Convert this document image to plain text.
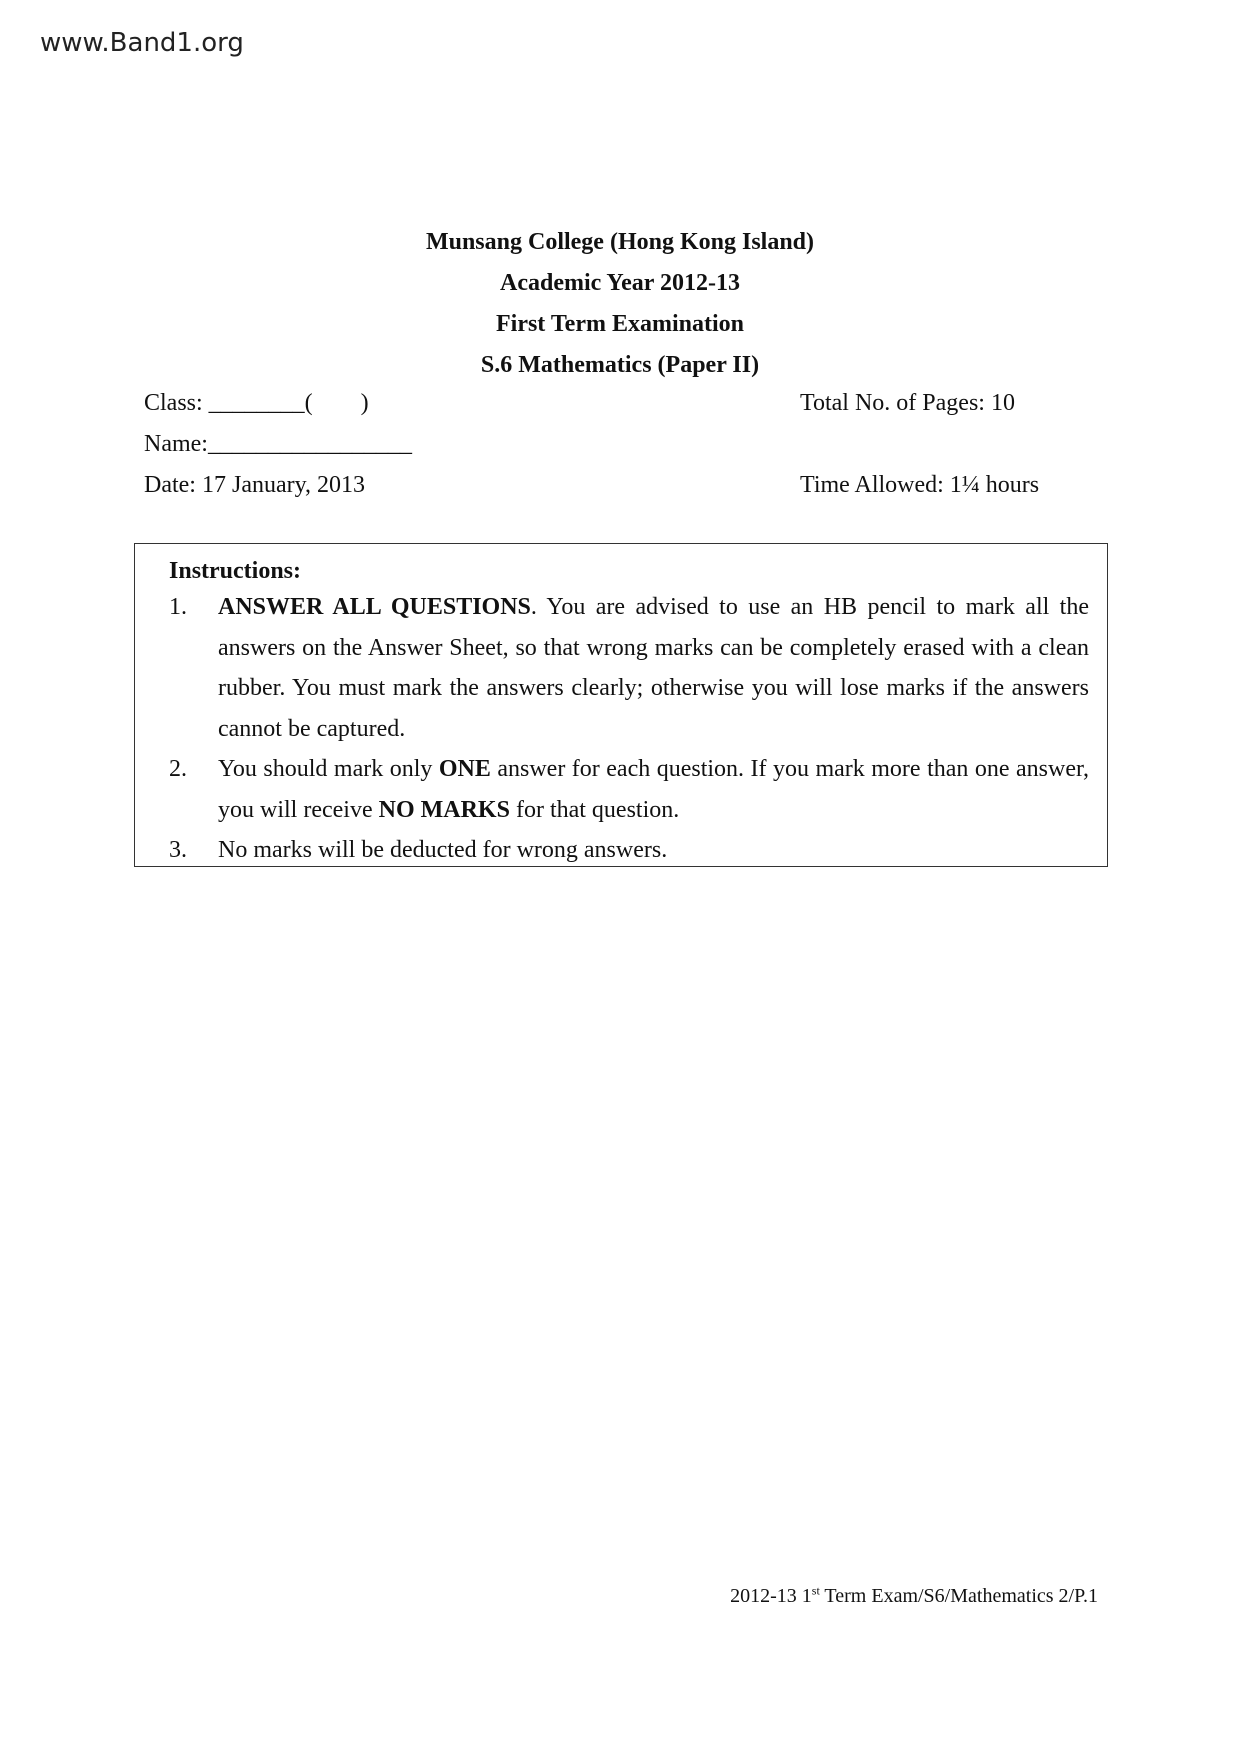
www.Band1.org
Munsang College (Hong Kong Island)
Academic Year 2012-13
First Term Examination
S.6 Mathematics (Paper II)
Class: ________(        )
Name:_________________
Date: 17 January, 2013
Total No. of Pages: 10
Time Allowed: 1¼ hours
Instructions:
1.	ANSWER ALL QUESTIONS. You are advised to use an HB pencil to mark all the answers on the Answer Sheet, so that wrong marks can be completely erased with a clean rubber. You must mark the answers clearly; otherwise you will lose marks if the answers cannot be captured.
2.	You should mark only ONE answer for each question. If you mark more than one answer, you will receive NO MARKS for that question.
3.	No marks will be deducted for wrong answers.
2012-13 1st Term Exam/S6/Mathematics 2/P.1
